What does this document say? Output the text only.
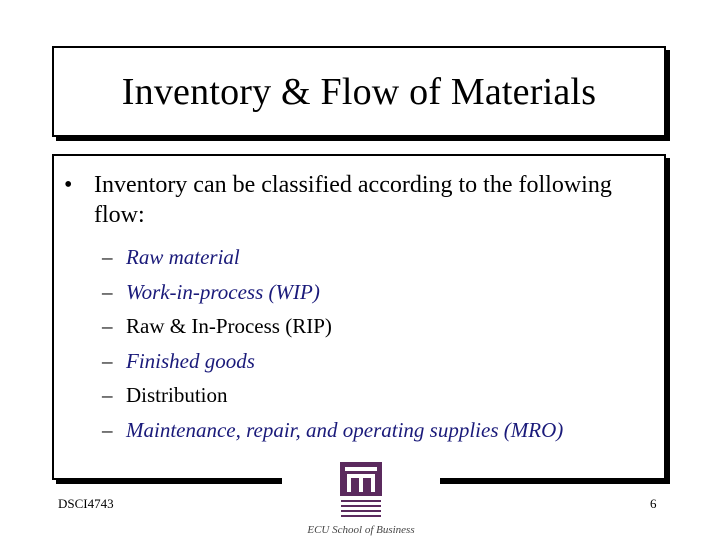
Inventory & Flow of Materials
• Inventory can be classified according to the following flow:
– Raw material
– Work-in-process (WIP)
– Raw & In-Process (RIP)
– Finished goods
– Distribution
– Maintenance, repair, and operating supplies (MRO)
DSCI4743
ECU School of Business
6
